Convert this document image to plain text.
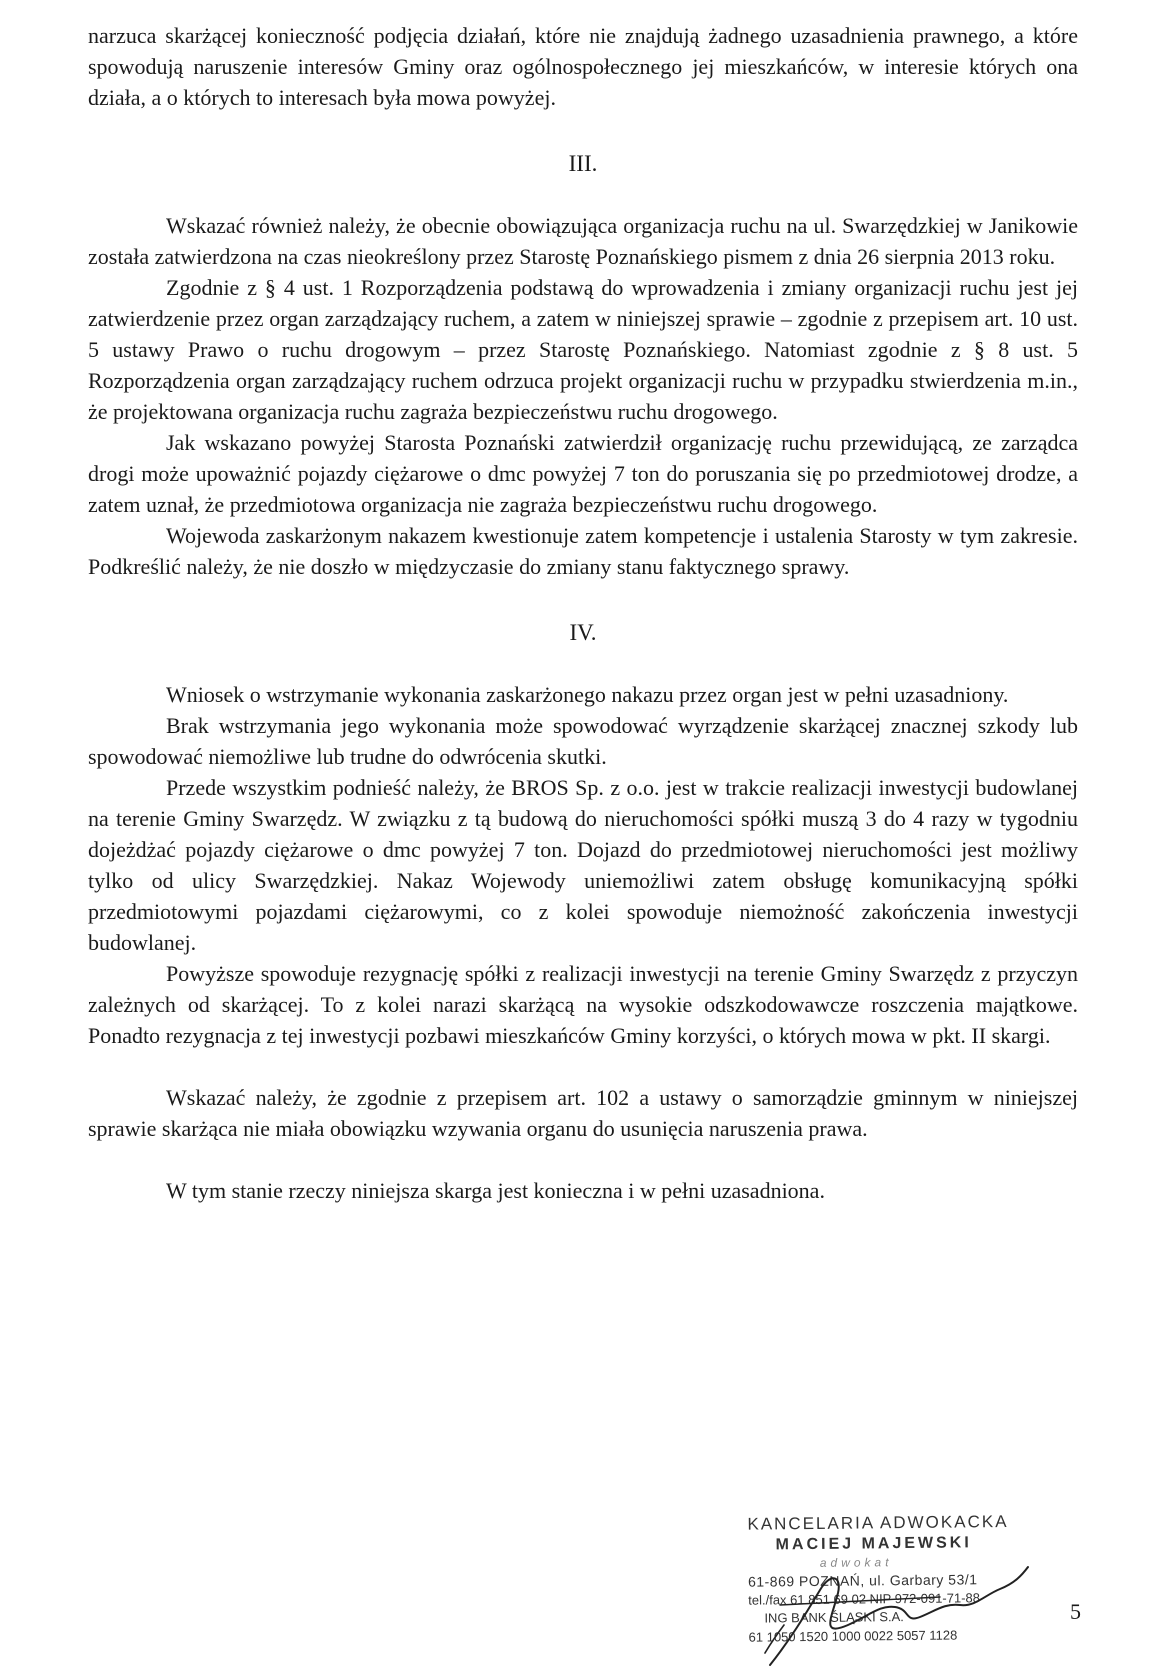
narzuca skarżącej konieczność podjęcia działań, które nie znajdują żadnego uzasadnienia prawnego, a które spowodują naruszenie interesów Gminy oraz ogólnospołecznego jej mieszkańców, w interesie których ona działa, a o których to interesach była mowa powyżej.

III.

Wskazać również należy, że obecnie obowiązująca organizacja ruchu na ul. Swarzędzkiej w Janikowie została zatwierdzona na czas nieokreślony przez Starostę Poznańskiego pismem z dnia 26 sierpnia 2013 roku.

Zgodnie z § 4 ust. 1 Rozporządzenia podstawą do wprowadzenia i zmiany organizacji ruchu jest jej zatwierdzenie przez organ zarządzający ruchem, a zatem w niniejszej sprawie – zgodnie z przepisem art. 10 ust. 5 ustawy Prawo o ruchu drogowym – przez Starostę Poznańskiego. Natomiast zgodnie z § 8 ust. 5 Rozporządzenia organ zarządzający ruchem odrzuca projekt organizacji ruchu w przypadku stwierdzenia m.in., że projektowana organizacja ruchu zagraża bezpieczeństwu ruchu drogowego.

Jak wskazano powyżej Starosta Poznański zatwierdził organizację ruchu przewidującą, ze zarządca drogi może upoważnić pojazdy ciężarowe o dmc powyżej 7 ton do poruszania się po przedmiotowej drodze, a zatem uznał, że przedmiotowa organizacja nie zagraża bezpieczeństwu ruchu drogowego.

Wojewoda zaskarżonym nakazem kwestionuje zatem kompetencje i ustalenia Starosty w tym zakresie. Podkreślić należy, że nie doszło w międzyczasie do zmiany stanu faktycznego sprawy.

IV.

Wniosek o wstrzymanie wykonania zaskarżonego nakazu przez organ jest w pełni uzasadniony.

Brak wstrzymania jego wykonania może spowodować wyrządzenie skarżącej znacznej szkody lub spowodować niemożliwe lub trudne do odwrócenia skutki.

Przede wszystkim podnieść należy, że BROS Sp. z o.o. jest w trakcie realizacji inwestycji budowlanej na terenie Gminy Swarzędz. W związku z tą budową do nieruchomości spółki muszą 3 do 4 razy w tygodniu dojeżdżać pojazdy ciężarowe o dmc powyżej 7 ton. Dojazd do przedmiotowej nieruchomości jest możliwy tylko od ulicy Swarzędzkiej. Nakaz Wojewody uniemożliwi zatem obsługę komunikacyjną spółki przedmiotowymi pojazdami ciężarowymi, co z kolei spowoduje niemożność zakończenia inwestycji budowlanej.

Powyższe spowoduje rezygnację spółki z realizacji inwestycji na terenie Gminy Swarzędz z przyczyn zależnych od skarżącej. To z kolei narazi skarżącą na wysokie odszkodowawcze roszczenia majątkowe. Ponadto rezygnacja z tej inwestycji pozbawi mieszkańców Gminy korzyści, o których mowa w pkt. II skargi.

Wskazać należy, że zgodnie z przepisem art. 102 a ustawy o samorządzie gminnym w niniejszej sprawie skarżąca nie miała obowiązku wzywania organu do usunięcia naruszenia prawa.

W tym stanie rzeczy niniejsza skarga jest konieczna i w pełni uzasadniona.

KANCELARIA ADWOKACKA
MACIEJ MAJEWSKI
adwokat
61-869 POZNAŃ, ul. Garbary 53/1
tel./fax 61 851 69 02 NIP 972-091-71-88
ING BANK ŚLĄSKI S.A.
61 1050 1520 1000 0022 5057 1128
5
